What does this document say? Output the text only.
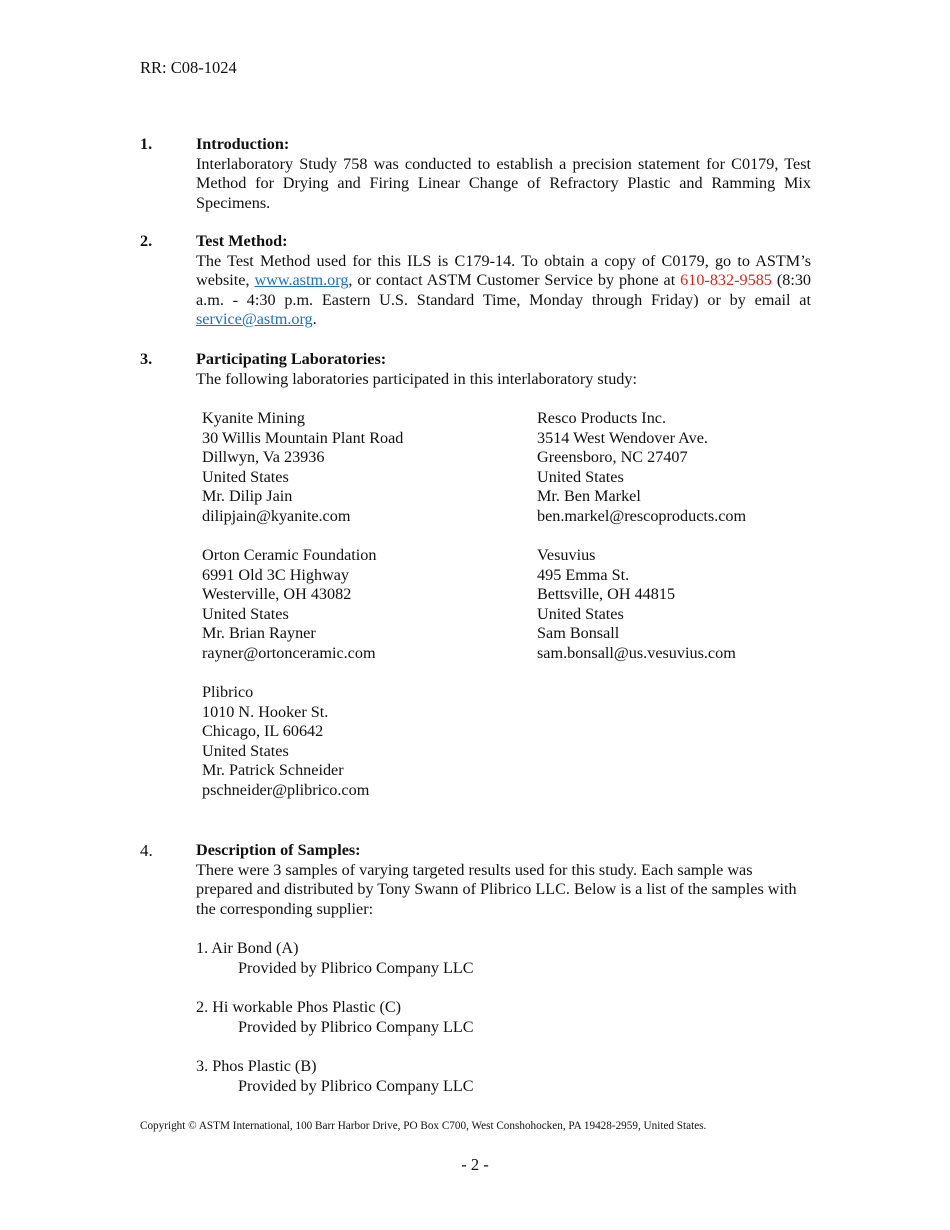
RR: C08-1024
1.	Introduction:
Interlaboratory Study 758 was conducted to establish a precision statement for C0179, Test Method for Drying and Firing Linear Change of Refractory Plastic and Ramming Mix Specimens.
2.	Test Method:
The Test Method used for this ILS is C179-14. To obtain a copy of C0179, go to ASTM’s website, www.astm.org, or contact ASTM Customer Service by phone at 610-832-9585 (8:30 a.m. - 4:30 p.m. Eastern U.S. Standard Time, Monday through Friday) or by email at service@astm.org.
3.	Participating Laboratories:
The following laboratories participated in this interlaboratory study:
Kyanite Mining
30 Willis Mountain Plant Road
Dillwyn, Va 23936
United States
Mr. Dilip Jain
dilipjain@kyanite.com
Resco Products Inc.
3514 West Wendover Ave.
Greensboro, NC 27407
United States
Mr. Ben Markel
ben.markel@rescoproducts.com
Orton Ceramic Foundation
6991 Old 3C Highway
Westerville, OH 43082
United States
Mr. Brian Rayner
rayner@ortonceramic.com
Vesuvius
495 Emma St.
Bettsville, OH 44815
United States
Sam Bonsall
sam.bonsall@us.vesuvius.com
Plibrico
1010 N. Hooker St.
Chicago, IL 60642
United States
Mr. Patrick Schneider
pschneider@plibrico.com
4.	Description of Samples:
There were 3 samples of varying targeted results used for this study. Each sample was prepared and distributed by Tony Swann of Plibrico LLC. Below is a list of the samples with the corresponding supplier:
1. Air Bond (A)
Provided by Plibrico Company LLC
2. Hi workable Phos Plastic (C)
Provided by Plibrico Company LLC
3. Phos Plastic (B)
Provided by Plibrico Company LLC
Copyright © ASTM International, 100 Barr Harbor Drive, PO Box C700, West Conshohocken, PA 19428-2959, United States.
- 2 -
